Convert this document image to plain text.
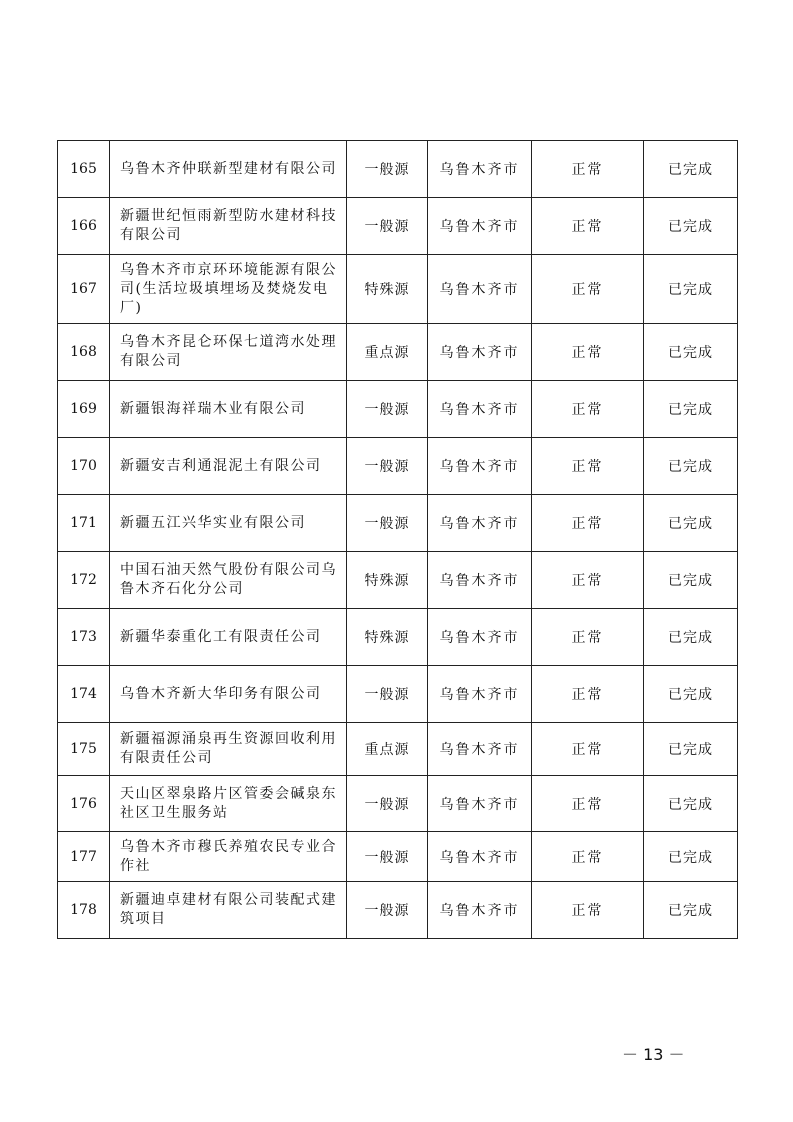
165	乌鲁木齐仲联新型建材有限公司	一般源	乌鲁木齐市	正常	已完成
166	新疆世纪恒雨新型防水建材科技有限公司	一般源	乌鲁木齐市	正常	已完成
167	乌鲁木齐市京环环境能源有限公司(生活垃圾填埋场及焚烧发电厂)	特殊源	乌鲁木齐市	正常	已完成
168	乌鲁木齐昆仑环保七道湾水处理有限公司	重点源	乌鲁木齐市	正常	已完成
169	新疆银海祥瑞木业有限公司	一般源	乌鲁木齐市	正常	已完成
170	新疆安吉利通混泥土有限公司	一般源	乌鲁木齐市	正常	已完成
171	新疆五江兴华实业有限公司	一般源	乌鲁木齐市	正常	已完成
172	中国石油天然气股份有限公司乌鲁木齐石化分公司	特殊源	乌鲁木齐市	正常	已完成
173	新疆华泰重化工有限责任公司	特殊源	乌鲁木齐市	正常	已完成
174	乌鲁木齐新大华印务有限公司	一般源	乌鲁木齐市	正常	已完成
175	新疆福源涌泉再生资源回收利用有限责任公司	重点源	乌鲁木齐市	正常	已完成
176	天山区翠泉路片区管委会碱泉东社区卫生服务站	一般源	乌鲁木齐市	正常	已完成
177	乌鲁木齐市穆氏养殖农民专业合作社	一般源	乌鲁木齐市	正常	已完成
178	新疆迪卓建材有限公司装配式建筑项目	一般源	乌鲁木齐市	正常	已完成
－ 13 －
